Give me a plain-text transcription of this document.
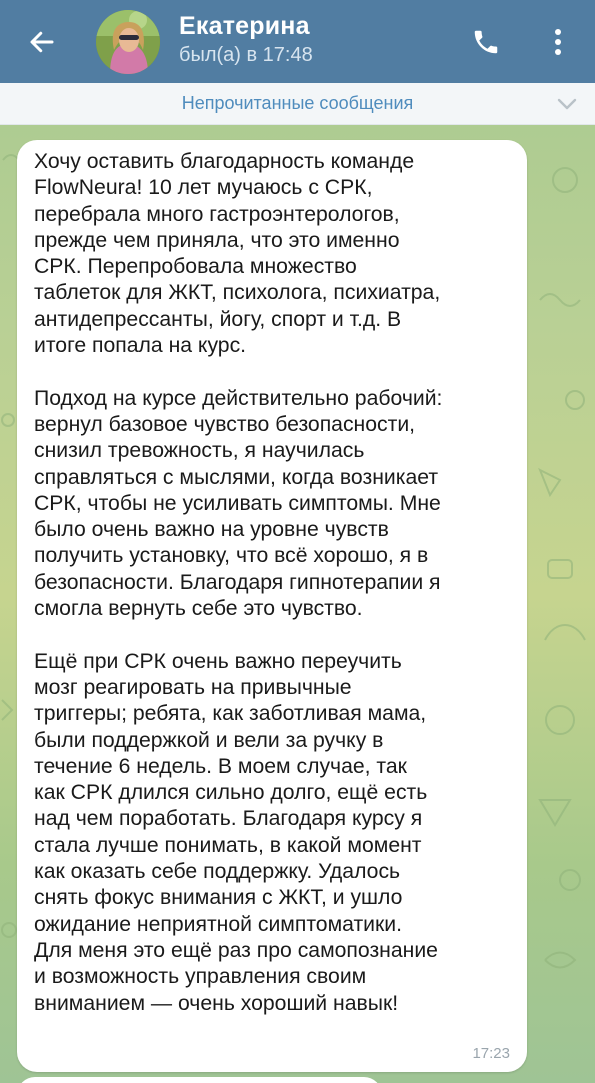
Екатерина
был(а) в 17:48
Непрочитанные сообщения
Хочу оставить благодарность команде
FlowNeura! 10 лет мучаюсь с СРК,
перебрала много гастроэнтерологов,
прежде чем приняла, что это именно
СРК. Перепробовала множество
таблеток для ЖКТ, психолога, психиатра,
антидепрессанты, йогу, спорт и т.д. В
итоге попала на курс.

Подход на курсе действительно рабочий:
вернул базовое чувство безопасности,
снизил тревожность, я научилась
справляться с мыслями, когда возникает
СРК, чтобы не усиливать симптомы. Мне
было очень важно на уровне чувств
получить установку, что всё хорошо, я в
безопасности. Благодаря гипнотерапии я
смогла вернуть себе это чувство.

Ещё при СРК очень важно переучить
мозг реагировать на привычные
триггеры; ребята, как заботливая мама,
были поддержкой и вели за ручку в
течение 6 недель. В моем случае, так
как СРК длился сильно долго, ещё есть
над чем поработать. Благодаря курсу я
стала лучше понимать, в какой момент
как оказать себе поддержку. Удалось
снять фокус внимания с ЖКТ, и ушло
ожидание неприятной симптоматики.
Для меня это ещё раз про самопознание
и возможность управления своим
вниманием — очень хороший навык!
17:23
